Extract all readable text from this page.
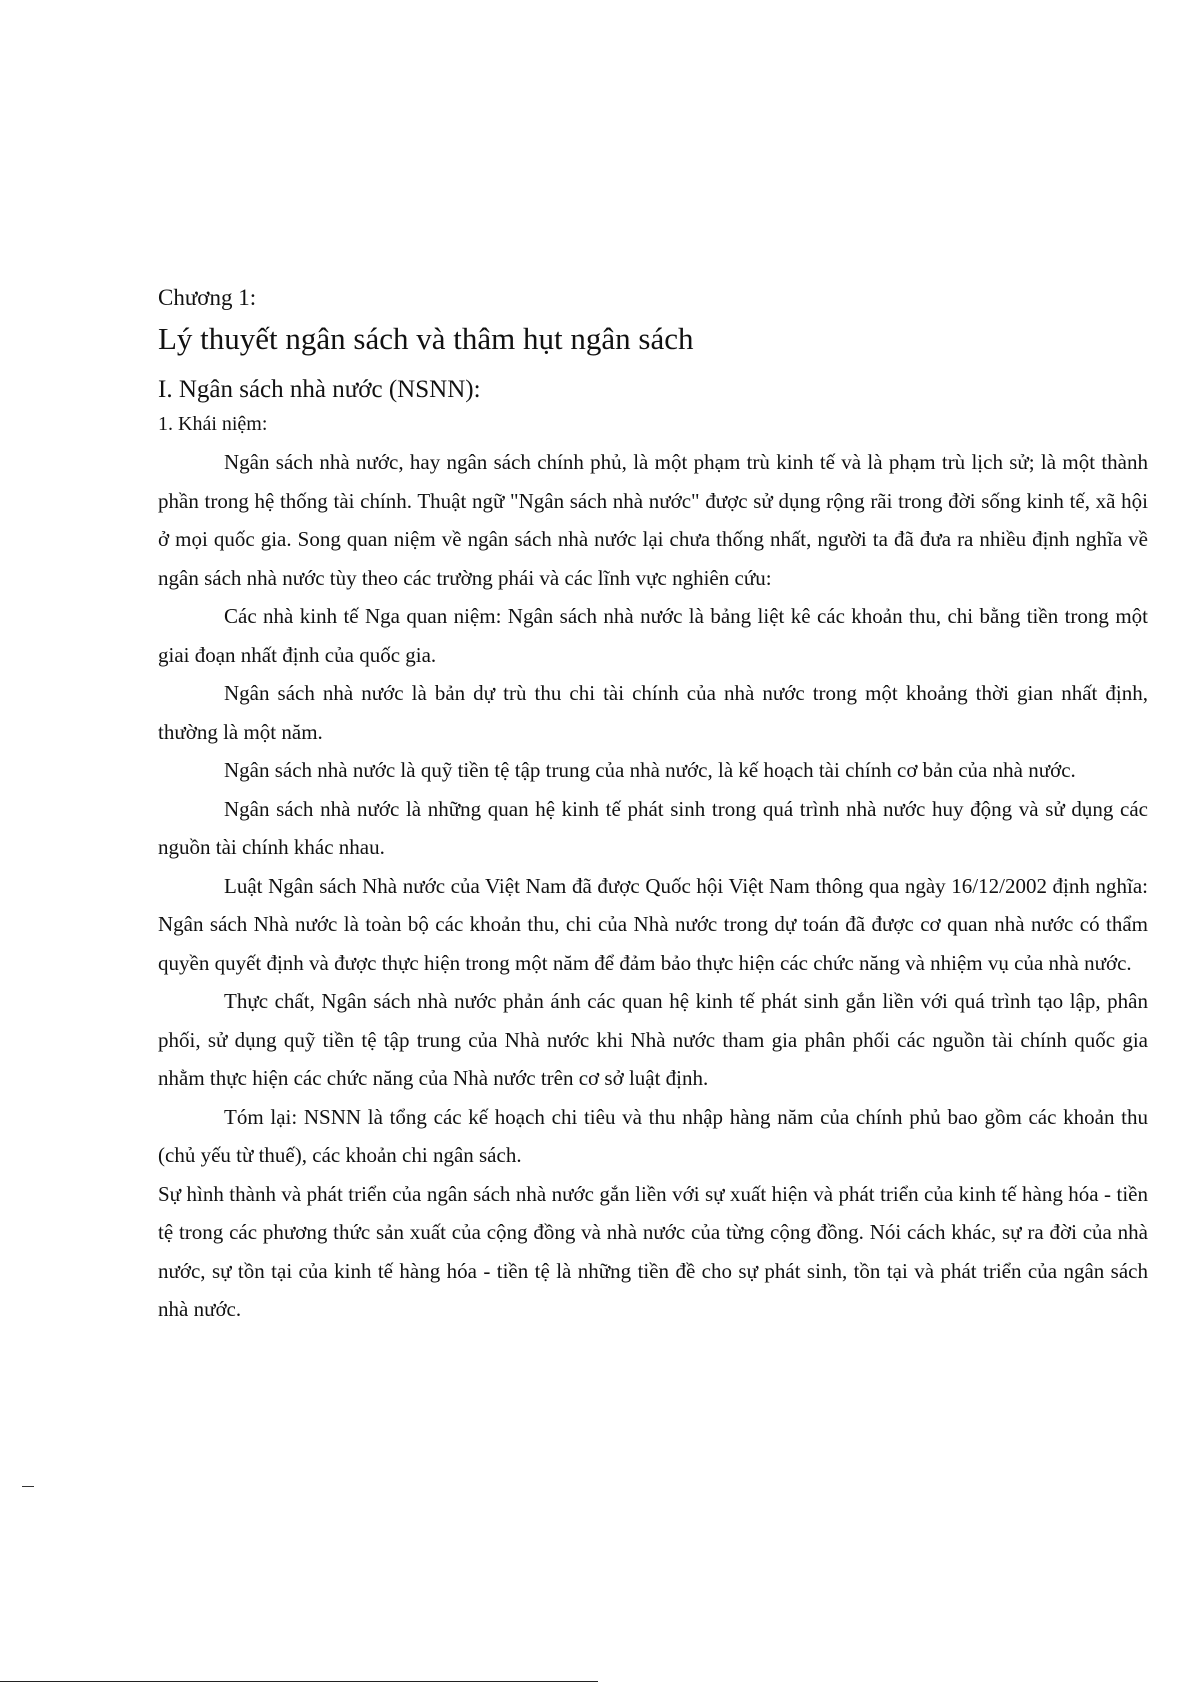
Chương 1:

Lý thuyết ngân sách và thâm hụt ngân sách
I. Ngân sách nhà nước (NSNN):
1. Khái niệm:

Ngân sách nhà nước, hay ngân sách chính phủ, là một phạm trù kinh tế và là phạm trù lịch sử; là một thành phần trong hệ thống tài chính. Thuật ngữ "Ngân sách nhà nước" được sử dụng rộng rãi trong đời sống kinh tế, xã hội ở mọi quốc gia. Song quan niệm về ngân sách nhà nước lại chưa thống nhất, người ta đã đưa ra nhiều định nghĩa về ngân sách nhà nước tùy theo các trường phái và các lĩnh vực nghiên cứu:

Các nhà kinh tế Nga quan niệm: Ngân sách nhà nước là bảng liệt kê các khoản thu, chi bằng tiền trong một giai đoạn nhất định của quốc gia.

Ngân sách nhà nước là bản dự trù thu chi tài chính của nhà nước trong một khoảng thời gian nhất định, thường là một năm.

Ngân sách nhà nước là quỹ tiền tệ tập trung của nhà nước, là kế hoạch tài chính cơ bản của nhà nước.

Ngân sách nhà nước là những quan hệ kinh tế phát sinh trong quá trình nhà nước huy động và sử dụng các nguồn tài chính khác nhau.

Luật Ngân sách Nhà nước của Việt Nam đã được Quốc hội Việt Nam thông qua ngày 16/12/2002 định nghĩa: Ngân sách Nhà nước là toàn bộ các khoản thu, chi của Nhà nước trong dự toán đã được cơ quan nhà nước có thẩm quyền quyết định và được thực hiện trong một năm để đảm bảo thực hiện các chức năng và nhiệm vụ của nhà nước.

Thực chất, Ngân sách nhà nước phản ánh các quan hệ kinh tế phát sinh gắn liền với quá trình tạo lập, phân phối, sử dụng quỹ tiền tệ tập trung của Nhà nước khi Nhà nước tham gia phân phối các nguồn tài chính quốc gia nhằm thực hiện các chức năng của Nhà nước trên cơ sở luật định.

Tóm lại: NSNN là tổng các kế hoạch chi tiêu và thu nhập hàng năm của chính phủ bao gồm các khoản thu (chủ yếu từ thuế), các khoản chi ngân sách.

Sự hình thành và phát triển của ngân sách nhà nước gắn liền với sự xuất hiện và phát triển của kinh tế hàng hóa - tiền tệ trong các phương thức sản xuất của cộng đồng và nhà nước của từng cộng đồng. Nói cách khác, sự ra đời của nhà nước, sự tồn tại của kinh tế hàng hóa - tiền tệ là những tiền đề cho sự phát sinh, tồn tại và phát triển của ngân sách nhà nước.
